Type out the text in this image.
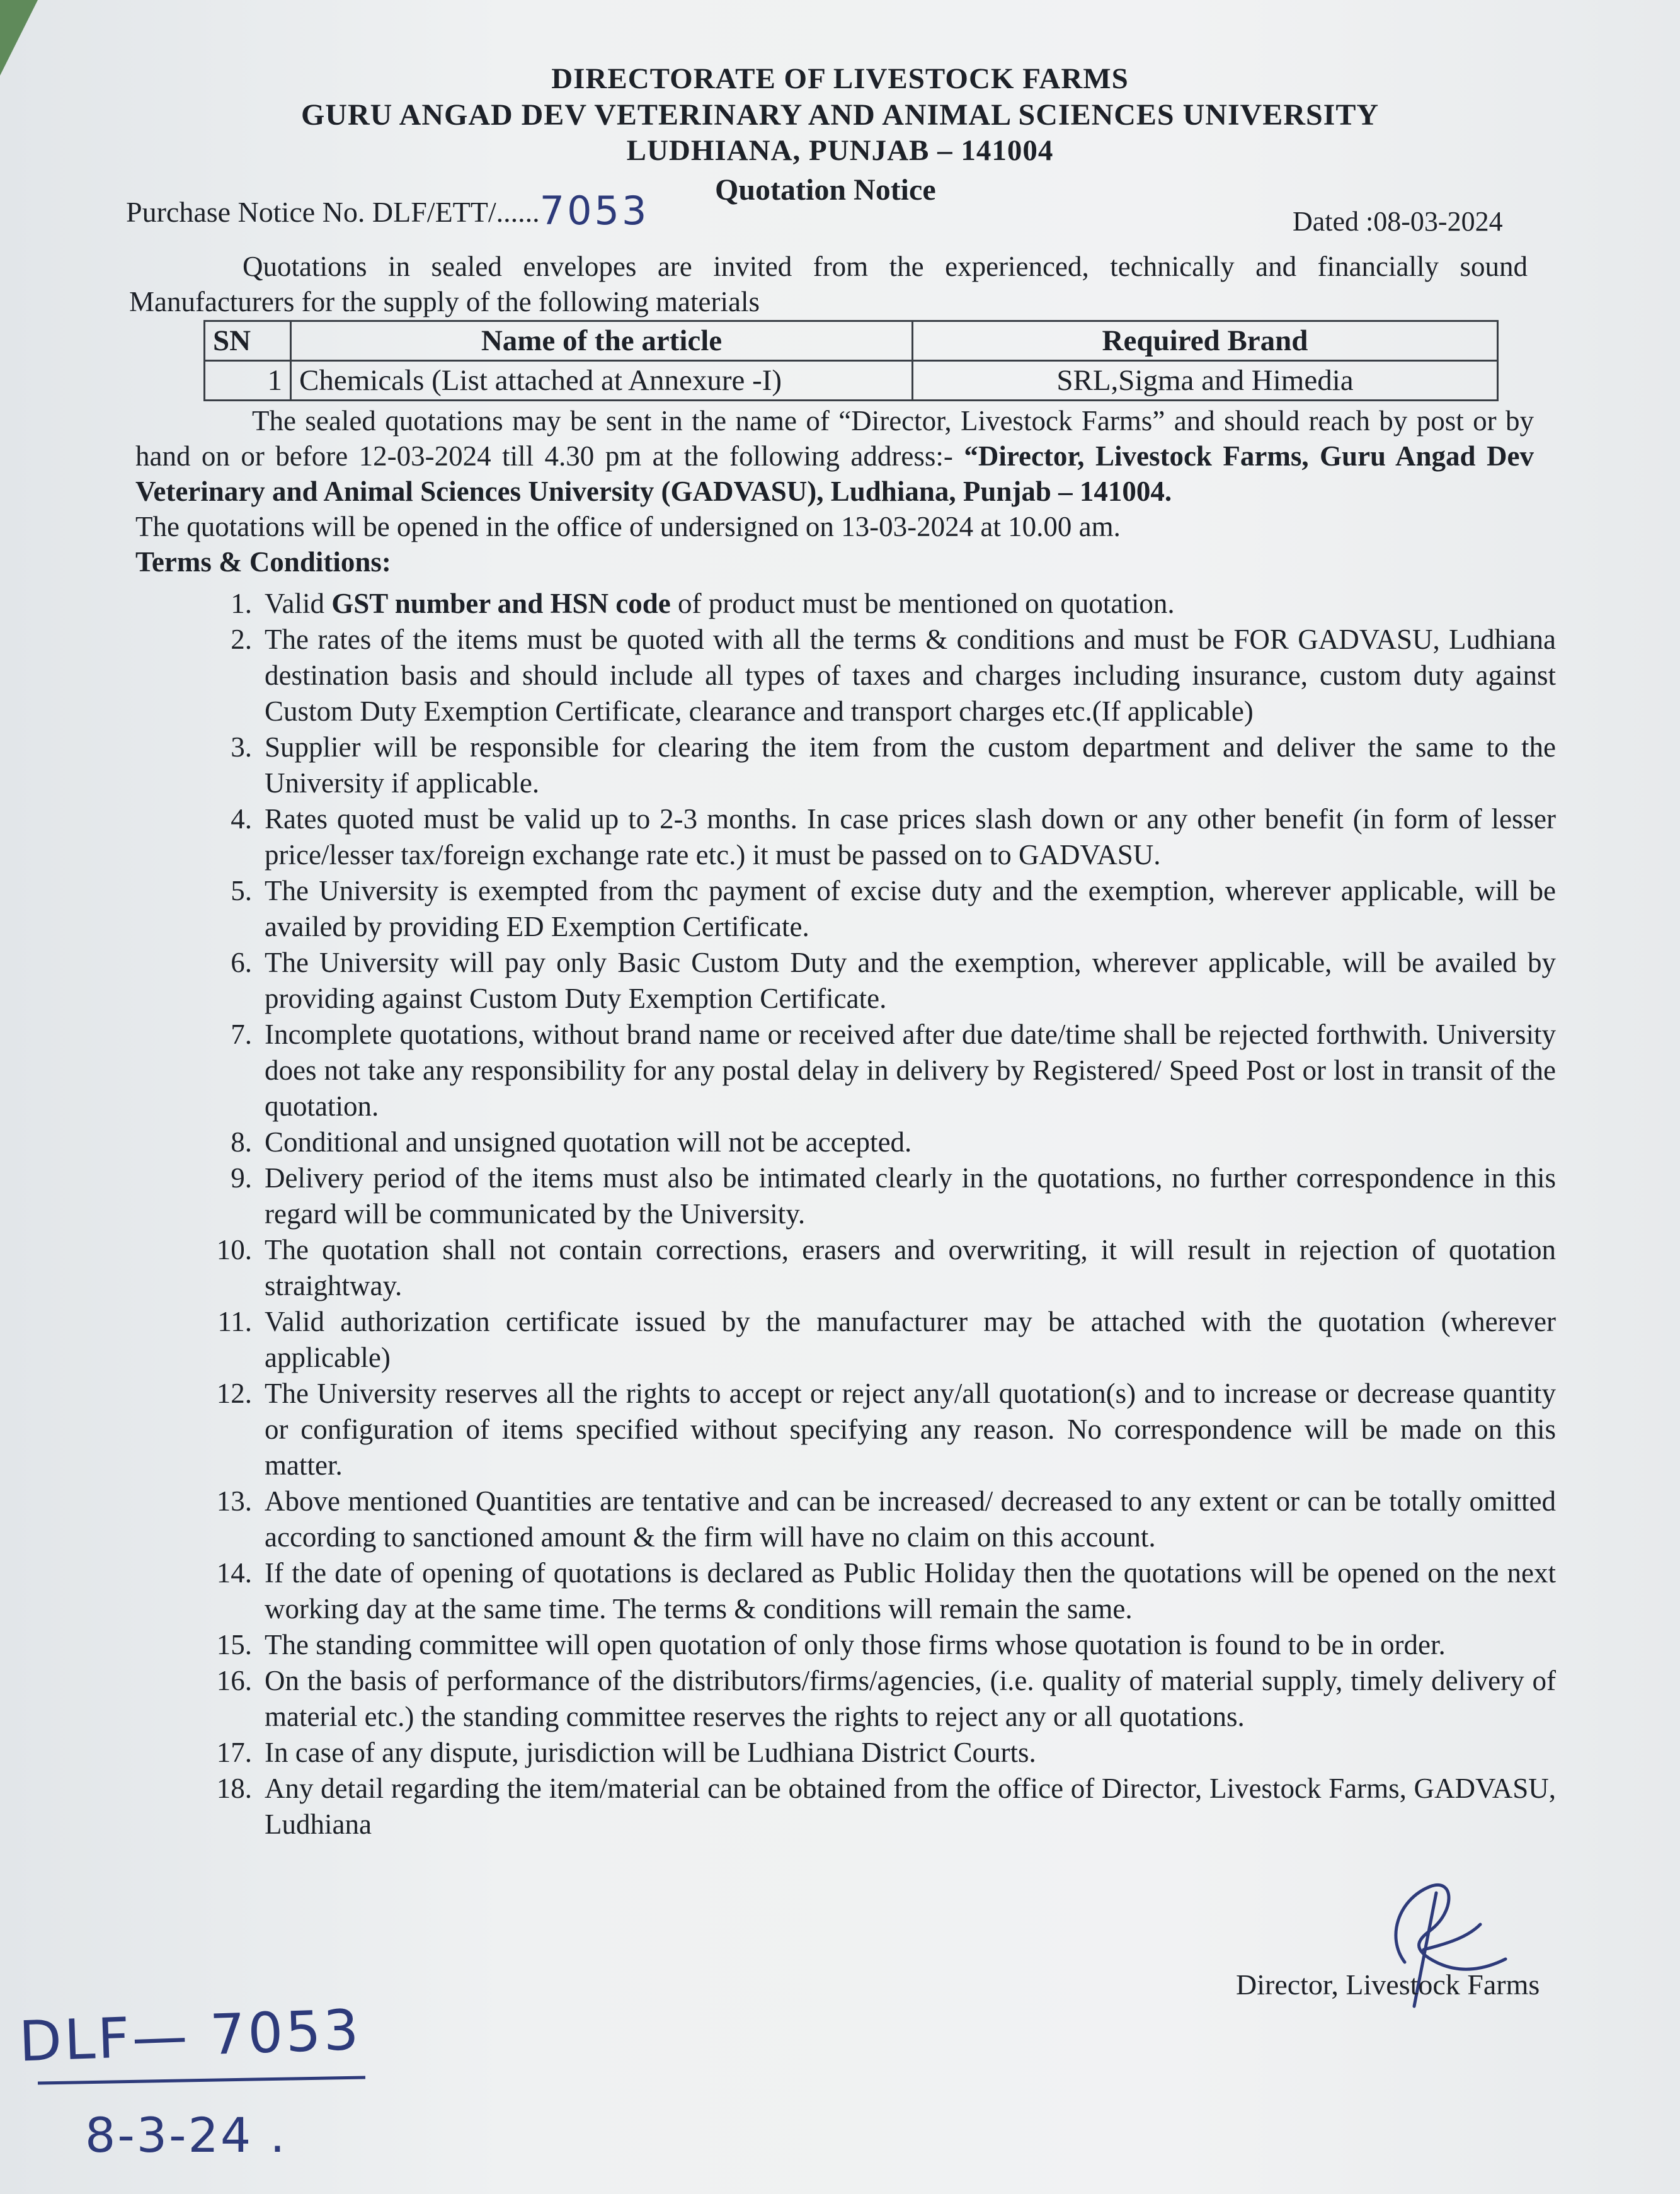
DIRECTORATE OF LIVESTOCK FARMS
GURU ANGAD DEV VETERINARY AND ANIMAL SCIENCES UNIVERSITY
LUDHIANA, PUNJAB – 141004
Quotation Notice
Purchase Notice No. DLF/ETT/......7053	Dated :08-03-2024

Quotations in sealed envelopes are invited from the experienced, technically and financially sound Manufacturers for the supply of the following materials

SN	Name of the article	Required Brand
1	Chemicals (List attached at Annexure -I)	SRL,Sigma and Himedia

The sealed quotations may be sent in the name of “Director, Livestock Farms” and should reach by post or by hand on or before 12-03-2024 till 4.30 pm at the following address:- “Director, Livestock Farms, Guru Angad Dev Veterinary and Animal Sciences University (GADVASU), Ludhiana, Punjab – 141004.

The quotations will be opened in the office of undersigned on 13-03-2024 at 10.00 am.

Terms & Conditions:

1. Valid GST number and HSN code of product must be mentioned on quotation.
2. The rates of the items must be quoted with all the terms & conditions and must be FOR GADVASU, Ludhiana destination basis and should include all types of taxes and charges including insurance, custom duty against Custom Duty Exemption Certificate, clearance and transport charges etc.(If applicable)
3. Supplier will be responsible for clearing the item from the custom department and deliver the same to the University if applicable.
4. Rates quoted must be valid up to 2-3 months. In case prices slash down or any other benefit (in form of lesser price/lesser tax/foreign exchange rate etc.) it must be passed on to GADVASU.
5. The University is exempted from thc payment of excise duty and the exemption, wherever applicable, will be availed by providing ED Exemption Certificate.
6. The University will pay only Basic Custom Duty and the exemption, wherever applicable, will be availed by providing against Custom Duty Exemption Certificate.
7. Incomplete quotations, without brand name or received after due date/time shall be rejected forthwith. University does not take any responsibility for any postal delay in delivery by Registered/ Speed Post or lost in transit of the quotation.
8. Conditional and unsigned quotation will not be accepted.
9. Delivery period of the items must also be intimated clearly in the quotations, no further correspondence in this regard will be communicated by the University.
10. The quotation shall not contain corrections, erasers and overwriting, it will result in rejection of quotation straightway.
11. Valid authorization certificate issued by the manufacturer may be attached with the quotation (wherever applicable)
12. The University reserves all the rights to accept or reject any/all quotation(s) and to increase or decrease quantity or configuration of items specified without specifying any reason. No correspondence will be made on this matter.
13. Above mentioned Quantities are tentative and can be increased/ decreased to any extent or can be totally omitted according to sanctioned amount & the firm will have no claim on this account.
14. If the date of opening of quotations is declared as Public Holiday then the quotations will be opened on the next working day at the same time. The terms & conditions will remain the same.
15. The standing committee will open quotation of only those firms whose quotation is found to be in order.
16. On the basis of performance of the distributors/firms/agencies, (i.e. quality of material supply, timely delivery of material etc.) the standing committee reserves the rights to reject any or all quotations.
17. In case of any dispute, jurisdiction will be Ludhiana District Courts.
18. Any detail regarding the item/material can be obtained from the office of Director, Livestock Farms, GADVASU, Ludhiana
Director, Livestock Farms
DLF— 7053
8-3-24 .
